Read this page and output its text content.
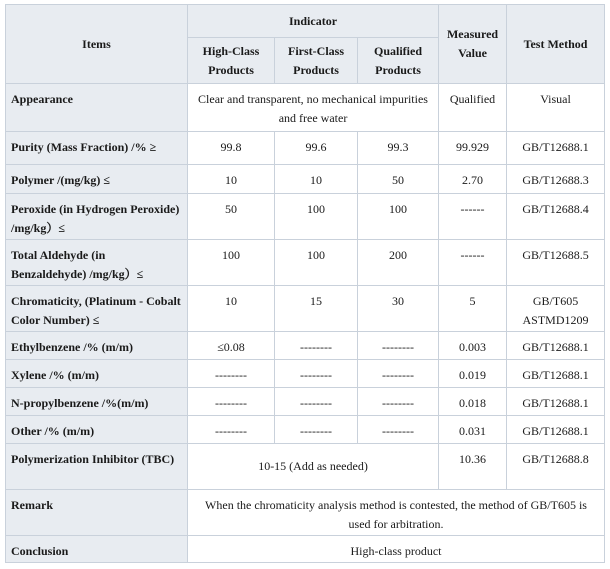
Items	Indicator			Measured Value	Test Method
	High-Class Products	First-Class Products	Qualified Products		
Appearance	Clear and transparent, no mechanical impurities and free water			Qualified	Visual
Purity (Mass Fraction) /% ≥	99.8	99.6	99.3	99.929	GB/T12688.1
Polymer /(mg/kg) ≤	10	10	50	2.70	GB/T12688.3
Peroxide (in Hydrogen Peroxide) /mg/kg）≤	50	100	100	------	GB/T12688.4
Total Aldehyde (in Benzaldehyde) /mg/kg）≤	100	100	200	------	GB/T12688.5
Chromaticity, (Platinum - Cobalt Color Number) ≤	10	15	30	5	GB/T605 ASTMD1209
Ethylbenzene /% (m/m)	≤0.08	--------	--------	0.003	GB/T12688.1
Xylene /% (m/m)	--------	--------	--------	0.019	GB/T12688.1
N-propylbenzene /%(m/m)	--------	--------	--------	0.018	GB/T12688.1
Other /% (m/m)	--------	--------	--------	0.031	GB/T12688.1
Polymerization Inhibitor (TBC)	10-15 (Add as needed)			10.36	GB/T12688.8
Remark	When the chromaticity analysis method is contested, the method of GB/T605 is used for arbitration.				
Conclusion	High-class product				
